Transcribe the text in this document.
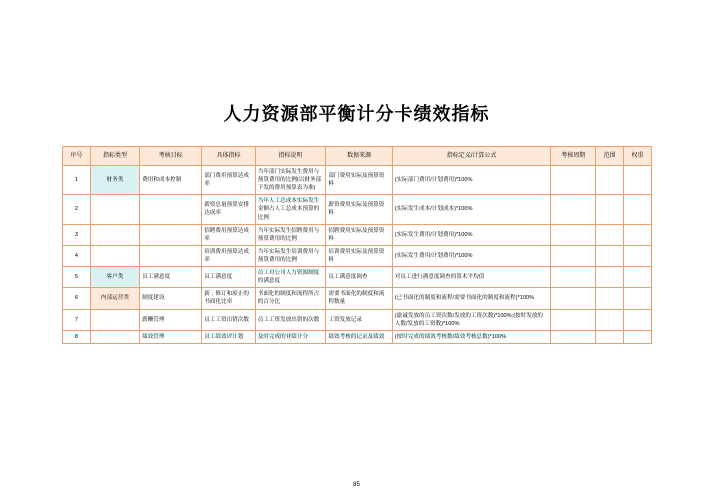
人力资源部平衡计分卡绩效指标
序号	指标类型	考核目标	具体指标	指标说明	数据来源	指标定义/计算公式	考核周期	范围	权重
1	财务类	费用和成本控制	部门费用预算达成率	当年部门实际发生费用与预算费用的比例(以财务部下发的费用预算表为准)	部门费用实际及预算资料	(实际部门费用/计划费用)*100%			
2			薪资总量预算安排达成率	当年人工总成本实际发生金额占人工总成本预算的比例	薪资费用实际及预算资料	(实际发生成本/计划成本)*100%			
3			招聘费用预算达成率	当年实际发生招聘费用与预算费用的比例	招聘费用实际及预算资料	(实际发生费用/计划费用)*100%			
4			培训费用预算达成率	当年实际发生培训费用与预算费用的比例	培训费用实际及预算资料	(实际发生费用/计划费用)*100%			
5	客户类	员工满意度	员工满意度	员工对公司人力资源制度的满意度	员工满意度调查	对员工进行满意度调查的算术平均值			
6	内部运营类	制度建设	新﹑修订和废止的书面化比率	书面化的制度和流程所占的百分比	需要书面化的制度和流程数量	(已书面化的制度和流程/需要书面化的制度和流程)*100%			
7		薪酬管理	员工工资出错次数	员工工资发放出错的次数	工资发放记录	(渝诚发放的员工资次数/发放的工资次数)*100%;(按时发放的人数/发放的工资数)*100%			
8		绩效管理	员工绩效评计划	及时完成的业绩计分	绩效考核的记录及绩效	(按时完成的绩效考核数/绩效考核总数)*100%			
85
